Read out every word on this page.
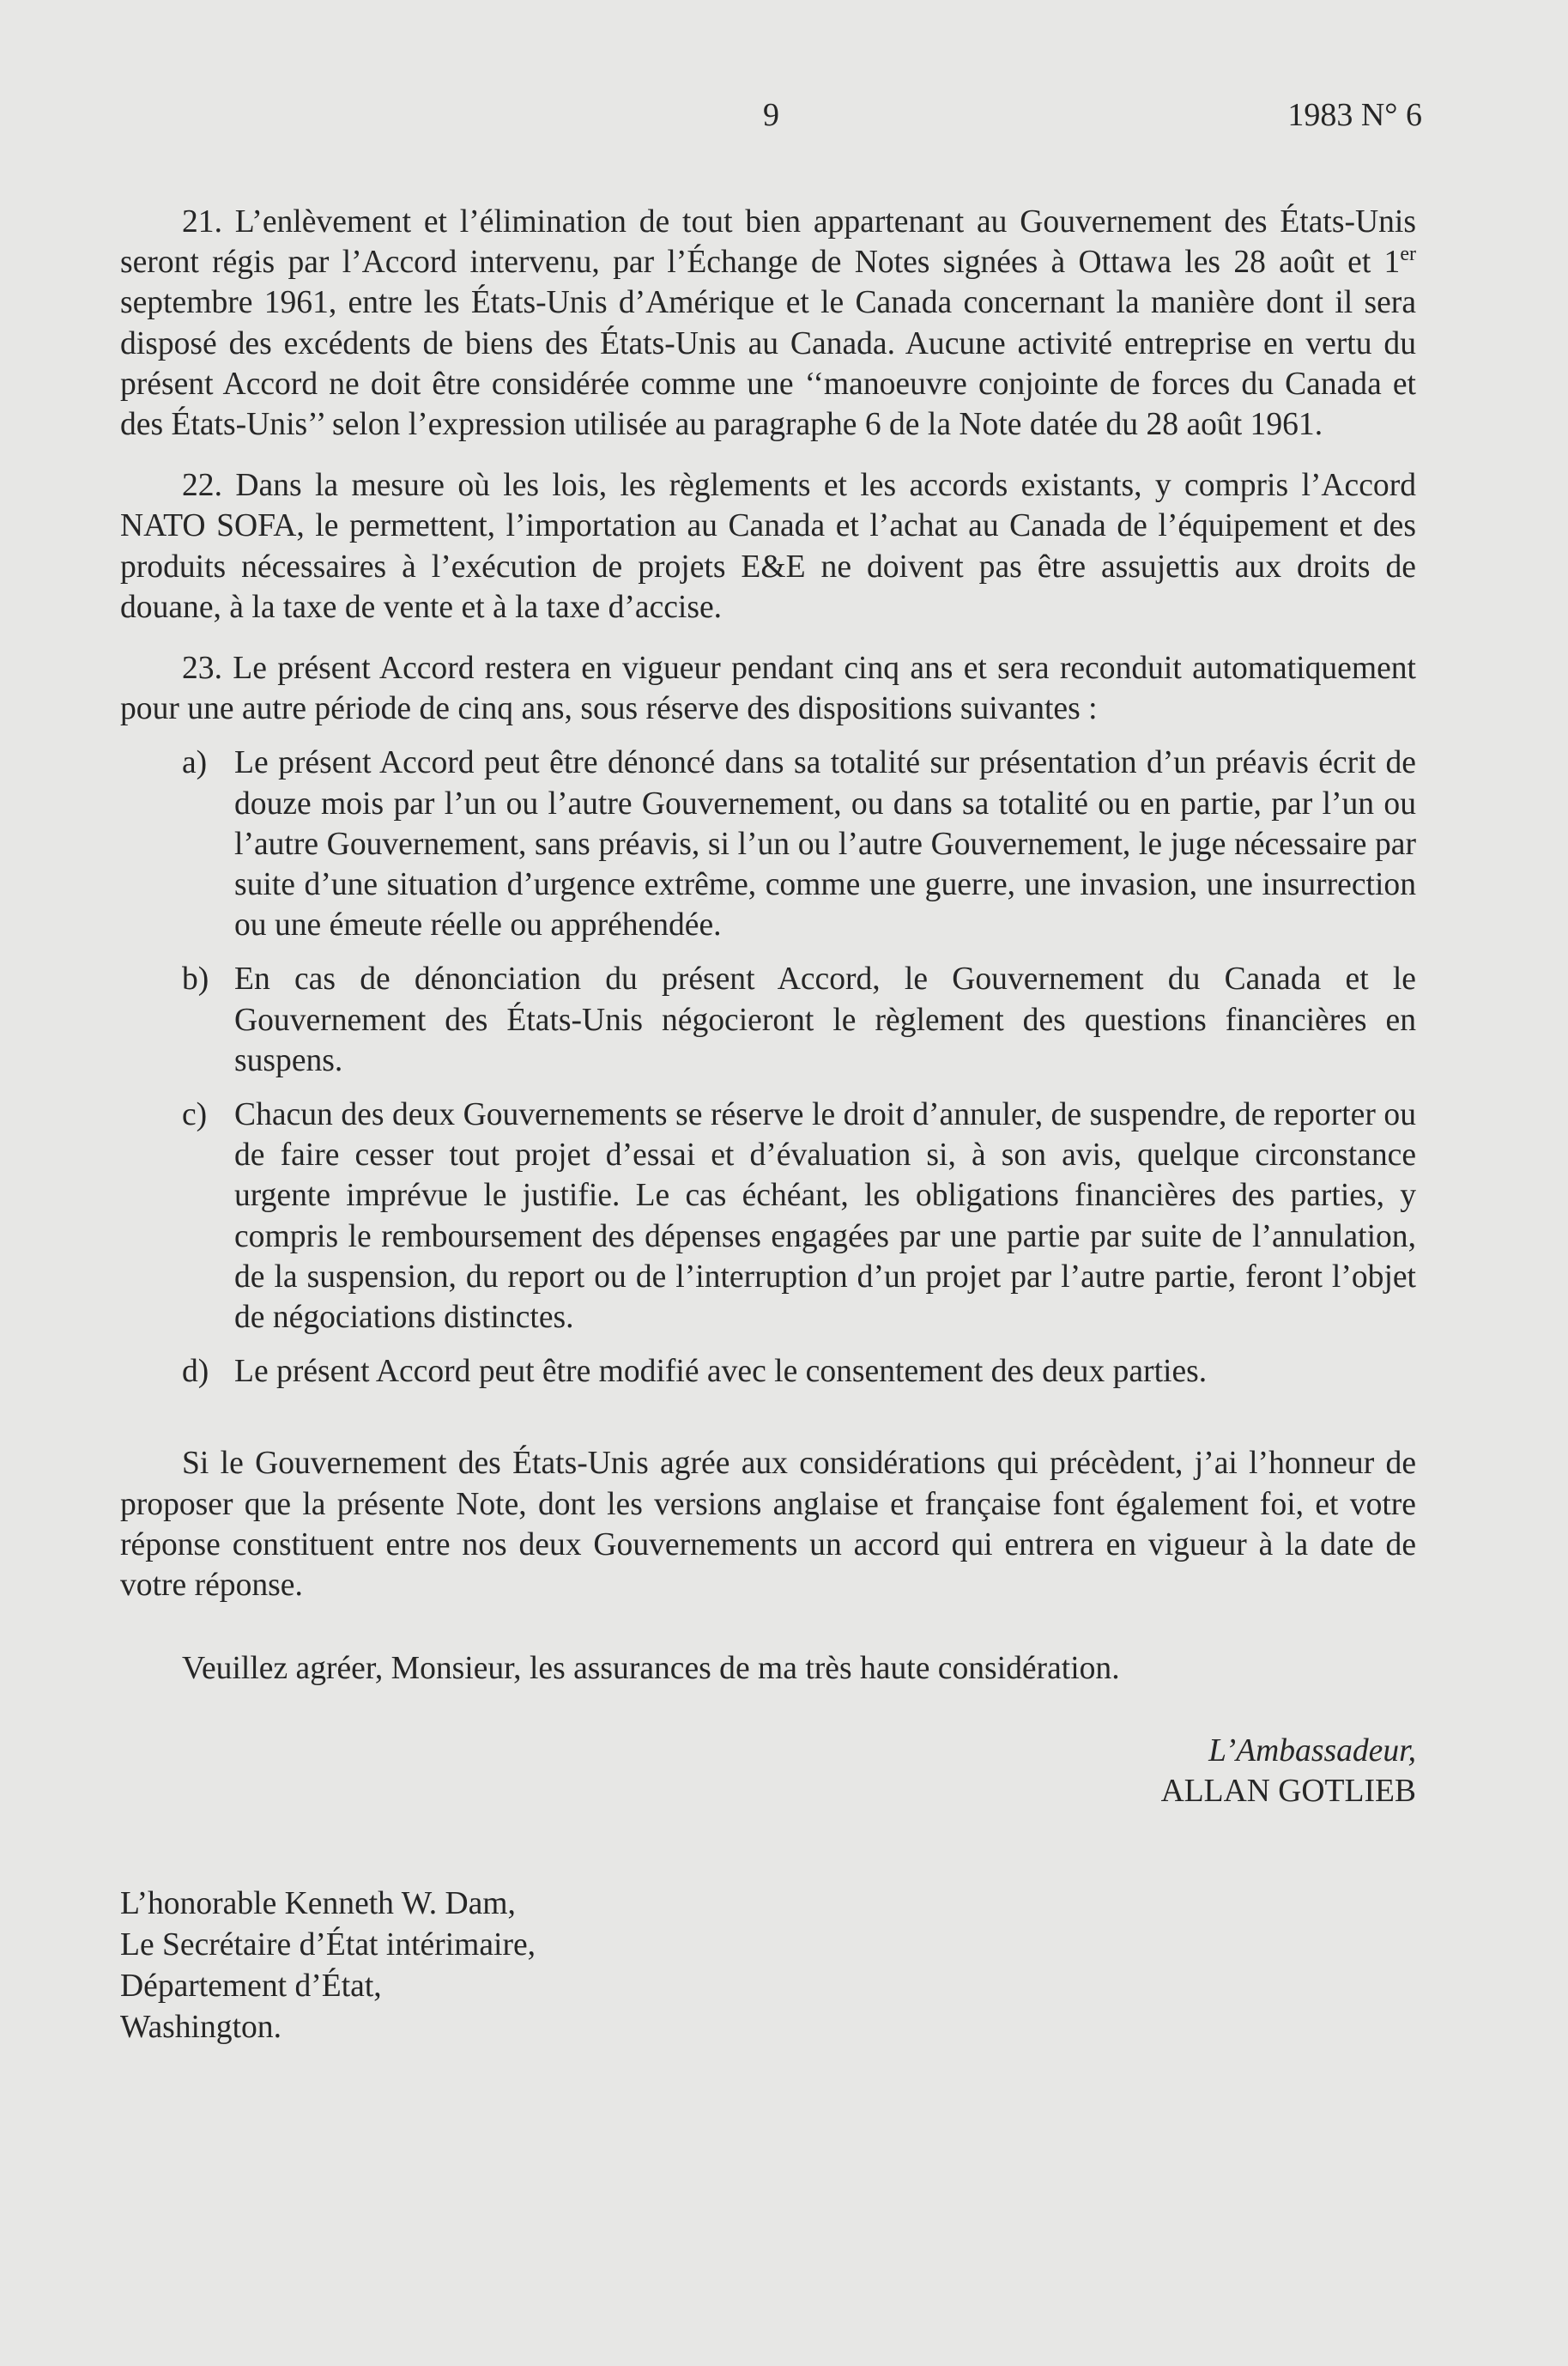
9	1983 N° 6

21. L’enlèvement et l’élimination de tout bien appartenant au Gouvernement des États-Unis seront régis par l’Accord intervenu, par l’Échange de Notes signées à Ottawa les 28 août et 1er septembre 1961, entre les États-Unis d’Amérique et le Canada concernant la manière dont il sera disposé des excédents de biens des États-Unis au Canada. Aucune activité entreprise en vertu du présent Accord ne doit être considérée comme une ‘‘manoeuvre conjointe de forces du Canada et des États-Unis’’ selon l’expression utilisée au paragraphe 6 de la Note datée du 28 août 1961.

22. Dans la mesure où les lois, les règlements et les accords existants, y compris l’Accord NATO SOFA, le permettent, l’importation au Canada et l’achat au Canada de l’équipement et des produits nécessaires à l’exécution de projets E&E ne doivent pas être assujettis aux droits de douane, à la taxe de vente et à la taxe d’accise.

23. Le présent Accord restera en vigueur pendant cinq ans et sera reconduit automatiquement pour une autre période de cinq ans, sous réserve des dispositions suivantes :

a) Le présent Accord peut être dénoncé dans sa totalité sur présentation d’un préavis écrit de douze mois par l’un ou l’autre Gouvernement, ou dans sa totalité ou en partie, par l’un ou l’autre Gouvernement, sans préavis, si l’un ou l’autre Gouvernement, le juge nécessaire par suite d’une situation d’urgence extrême, comme une guerre, une invasion, une insurrection ou une émeute réelle ou appréhendée.
b) En cas de dénonciation du présent Accord, le Gouvernement du Canada et le Gouvernement des États-Unis négocieront le règlement des questions financières en suspens.
c) Chacun des deux Gouvernements se réserve le droit d’annuler, de suspendre, de reporter ou de faire cesser tout projet d’essai et d’évaluation si, à son avis, quelque circonstance urgente imprévue le justifie. Le cas échéant, les obligations financières des parties, y compris le remboursement des dépenses engagées par une partie par suite de l’annulation, de la suspension, du report ou de l’interruption d’un projet par l’autre partie, feront l’objet de négociations distinctes.
d) Le présent Accord peut être modifié avec le consentement des deux parties.

Si le Gouvernement des États-Unis agrée aux considérations qui précèdent, j’ai l’honneur de proposer que la présente Note, dont les versions anglaise et française font également foi, et votre réponse constituent entre nos deux Gouvernements un accord qui entrera en vigueur à la date de votre réponse.

Veuillez agréer, Monsieur, les assurances de ma très haute considération.

L’Ambassadeur,
ALLAN GOTLIEB
L’honorable Kenneth W. Dam,
Le Secrétaire d’État intérimaire,
Département d’État,
Washington.
